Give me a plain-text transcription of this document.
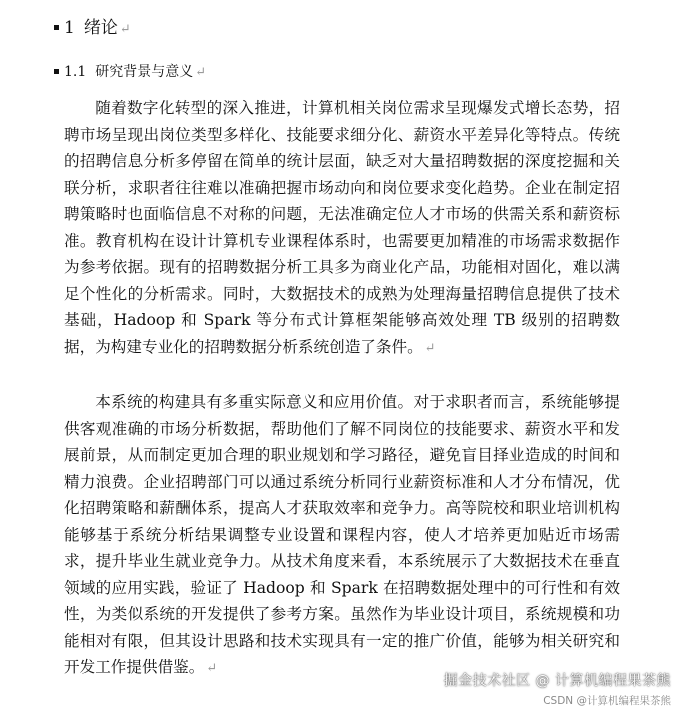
1 绪论 ↵
1.1 研究背景与意义 ↵

随着数字化转型的深入推进，计算机相关岗位需求呈现爆发式增长态势，招聘市场呈现出岗位类型多样化、技能要求细分化、薪资水平差异化等特点。传统的招聘信息分析多停留在简单的统计层面，缺乏对大量招聘数据的深度挖掘和关联分析，求职者往往难以准确把握市场动向和岗位要求变化趋势。企业在制定招聘策略时也面临信息不对称的问题，无法准确定位人才市场的供需关系和薪资标准。教育机构在设计计算机专业课程体系时，也需要更加精准的市场需求数据作为参考依据。现有的招聘数据分析工具多为商业化产品，功能相对固化，难以满足个性化的分析需求。同时，大数据技术的成熟为处理海量招聘信息提供了技术基础，Hadoop 和 Spark 等分布式计算框架能够高效处理 TB 级别的招聘数据，为构建专业化的招聘数据分析系统创造了条件。 ↵

本系统的构建具有多重实际意义和应用价值。对于求职者而言，系统能够提供客观准确的市场分析数据，帮助他们了解不同岗位的技能要求、薪资水平和发展前景，从而制定更加合理的职业规划和学习路径，避免盲目择业造成的时间和精力浪费。企业招聘部门可以通过系统分析同行业薪资标准和人才分布情况，优化招聘策略和薪酬体系，提高人才获取效率和竞争力。高等院校和职业培训机构能够基于系统分析结果调整专业设置和课程内容，使人才培养更加贴近市场需求，提升毕业生就业竞争力。从技术角度来看，本系统展示了大数据技术在垂直领域的应用实践，验证了 Hadoop 和 Spark 在招聘数据处理中的可行性和有效性，为类似系统的开发提供了参考方案。虽然作为毕业设计项目，系统规模和功能相对有限，但其设计思路和技术实现具有一定的推广价值，能够为相关研究和开发工作提供借鉴。 ↵

掘金技术社区 @ 计算机编程果茶熊
CSDN @计算机编程果茶熊
